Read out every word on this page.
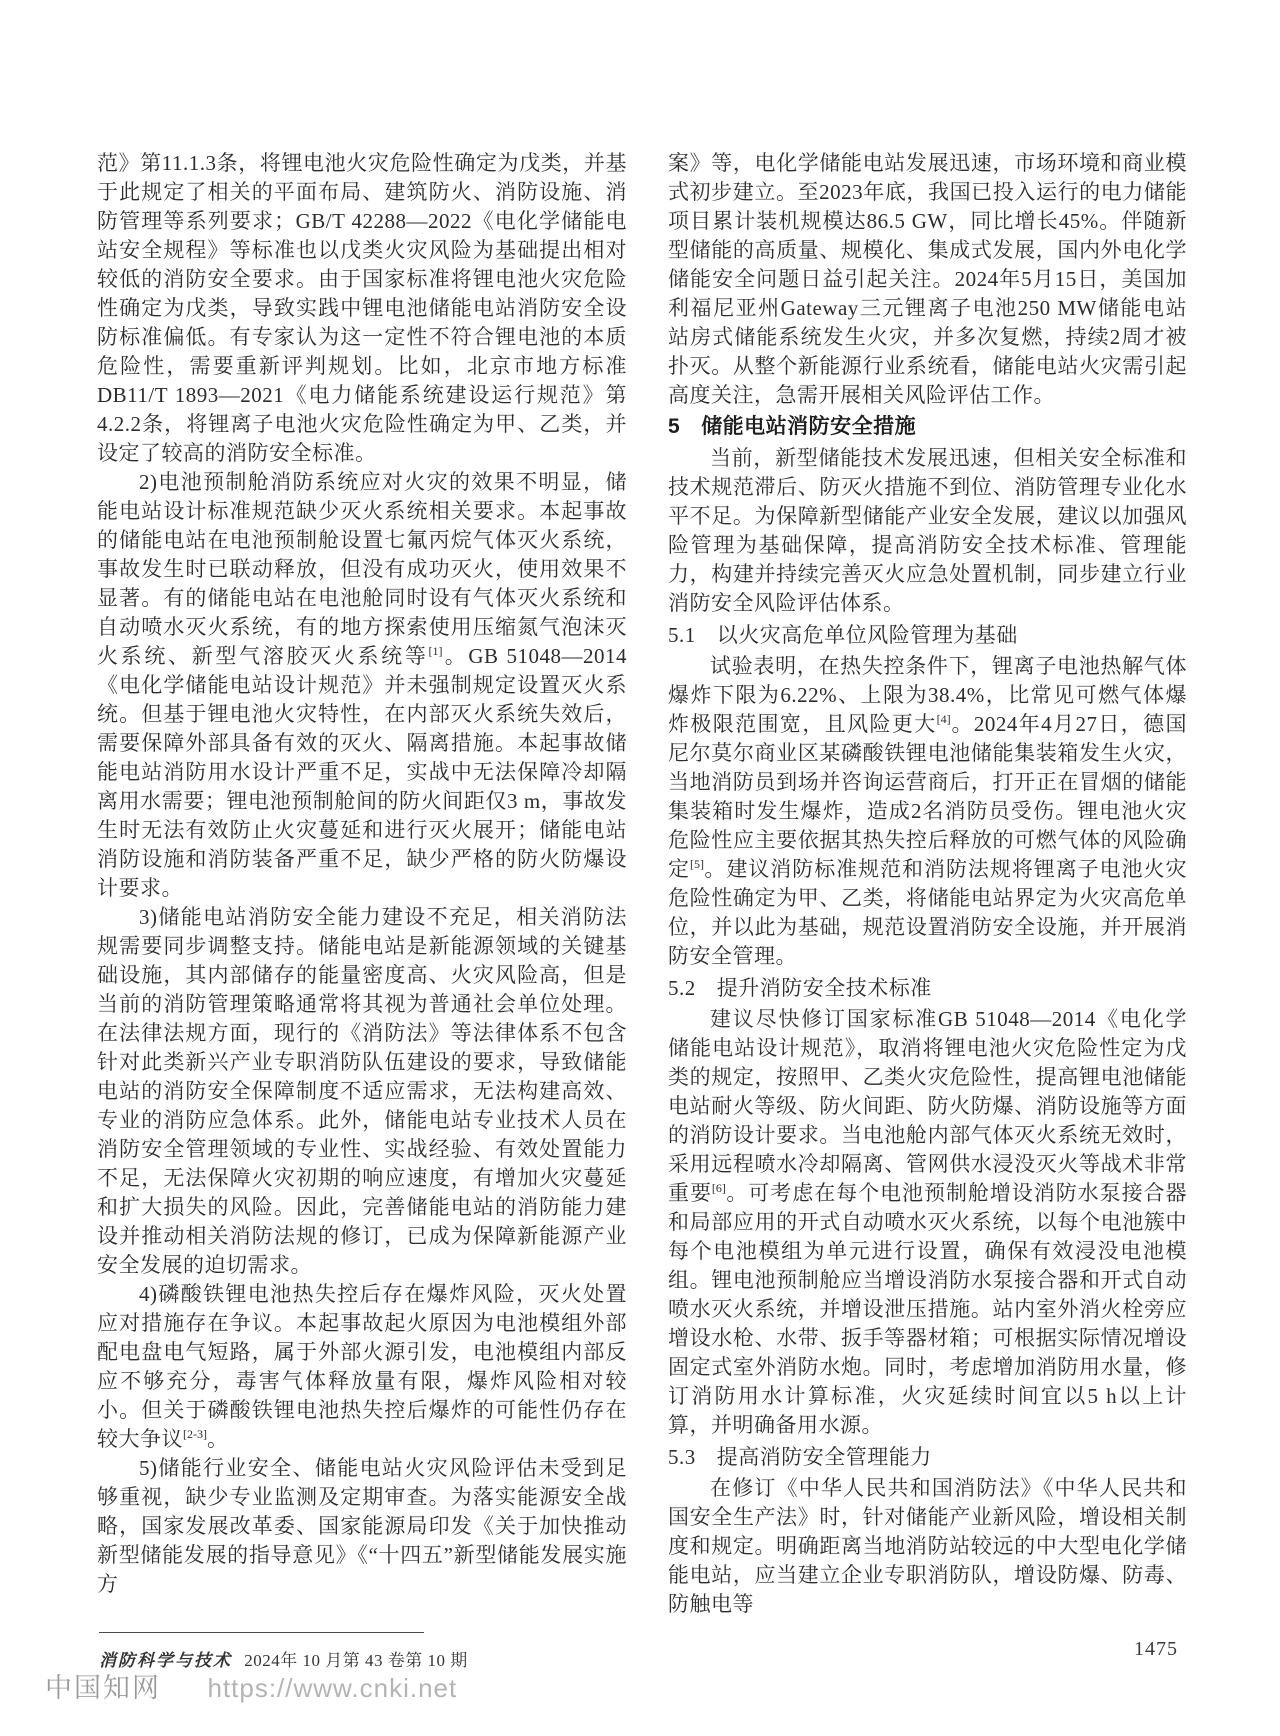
范》第11.1.3条，将锂电池火灾危险性确定为戊类，并基于此规定了相关的平面布局、建筑防火、消防设施、消防管理等系列要求；GB/T 42288—2022《电化学储能电站安全规程》等标准也以戊类火灾风险为基础提出相对较低的消防安全要求。由于国家标准将锂电池火灾危险性确定为戊类，导致实践中锂电池储能电站消防安全设防标准偏低。有专家认为这一定性不符合锂电池的本质危险性，需要重新评判规划。比如，北京市地方标准DB11/T 1893—2021《电力储能系统建设运行规范》第4.2.2条，将锂离子电池火灾危险性确定为甲、乙类，并设定了较高的消防安全标准。

2)电池预制舱消防系统应对火灾的效果不明显，储能电站设计标准规范缺少灭火系统相关要求。本起事故的储能电站在电池预制舱设置七氟丙烷气体灭火系统，事故发生时已联动释放，但没有成功灭火，使用效果不显著。有的储能电站在电池舱同时设有气体灭火系统和自动喷水灭火系统，有的地方探索使用压缩氮气泡沫灭火系统、新型气溶胶灭火系统等[1]。GB 51048—2014《电化学储能电站设计规范》并未强制规定设置灭火系统。但基于锂电池火灾特性，在内部灭火系统失效后，需要保障外部具备有效的灭火、隔离措施。本起事故储能电站消防用水设计严重不足，实战中无法保障冷却隔离用水需要；锂电池预制舱间的防火间距仅3 m，事故发生时无法有效防止火灾蔓延和进行灭火展开；储能电站消防设施和消防装备严重不足，缺少严格的防火防爆设计要求。

3)储能电站消防安全能力建设不充足，相关消防法规需要同步调整支持。储能电站是新能源领域的关键基础设施，其内部储存的能量密度高、火灾风险高，但是当前的消防管理策略通常将其视为普通社会单位处理。在法律法规方面，现行的《消防法》等法律体系不包含针对此类新兴产业专职消防队伍建设的要求，导致储能电站的消防安全保障制度不适应需求，无法构建高效、专业的消防应急体系。此外，储能电站专业技术人员在消防安全管理领域的专业性、实战经验、有效处置能力不足，无法保障火灾初期的响应速度，有增加火灾蔓延和扩大损失的风险。因此，完善储能电站的消防能力建设并推动相关消防法规的修订，已成为保障新能源产业安全发展的迫切需求。

4)磷酸铁锂电池热失控后存在爆炸风险，灭火处置应对措施存在争议。本起事故起火原因为电池模组外部配电盘电气短路，属于外部火源引发，电池模组内部反应不够充分，毒害气体释放量有限，爆炸风险相对较小。但关于磷酸铁锂电池热失控后爆炸的可能性仍存在较大争议[2-3]。

5)储能行业安全、储能电站火灾风险评估未受到足够重视，缺少专业监测及定期审查。为落实能源安全战略，国家发展改革委、国家能源局印发《关于加快推动新型储能发展的指导意见》《“十四五”新型储能发展实施方

案》等，电化学储能电站发展迅速，市场环境和商业模式初步建立。至2023年底，我国已投入运行的电力储能项目累计装机规模达86.5 GW，同比增长45%。伴随新型储能的高质量、规模化、集成式发展，国内外电化学储能安全问题日益引起关注。2024年5月15日，美国加利福尼亚州Gateway三元锂离子电池250 MW储能电站站房式储能系统发生火灾，并多次复燃，持续2周才被扑灭。从整个新能源行业系统看，储能电站火灾需引起高度关注，急需开展相关风险评估工作。

5 储能电站消防安全措施

当前，新型储能技术发展迅速，但相关安全标准和技术规范滞后、防灭火措施不到位、消防管理专业化水平不足。为保障新型储能产业安全发展，建议以加强风险管理为基础保障，提高消防安全技术标准、管理能力，构建并持续完善灭火应急处置机制，同步建立行业消防安全风险评估体系。

5.1 以火灾高危单位风险管理为基础

试验表明，在热失控条件下，锂离子电池热解气体爆炸下限为6.22%、上限为38.4%，比常见可燃气体爆炸极限范围宽，且风险更大[4]。2024年4月27日，德国尼尔莫尔商业区某磷酸铁锂电池储能集装箱发生火灾，当地消防员到场并咨询运营商后，打开正在冒烟的储能集装箱时发生爆炸，造成2名消防员受伤。锂电池火灾危险性应主要依据其热失控后释放的可燃气体的风险确定[5]。建议消防标准规范和消防法规将锂离子电池火灾危险性确定为甲、乙类，将储能电站界定为火灾高危单位，并以此为基础，规范设置消防安全设施，并开展消防安全管理。

5.2 提升消防安全技术标准

建议尽快修订国家标准GB 51048—2014《电化学储能电站设计规范》，取消将锂电池火灾危险性定为戊类的规定，按照甲、乙类火灾危险性，提高锂电池储能电站耐火等级、防火间距、防火防爆、消防设施等方面的消防设计要求。当电池舱内部气体灭火系统无效时，采用远程喷水冷却隔离、管网供水浸没灭火等战术非常重要[6]。可考虑在每个电池预制舱增设消防水泵接合器和局部应用的开式自动喷水灭火系统，以每个电池簇中每个电池模组为单元进行设置，确保有效浸没电池模组。锂电池预制舱应当增设消防水泵接合器和开式自动喷水灭火系统，并增设泄压措施。站内室外消火栓旁应增设水枪、水带、扳手等器材箱；可根据实际情况增设固定式室外消防水炮。同时，考虑增加消防用水量，修订消防用水计算标准，火灾延续时间宜以5 h以上计算，并明确备用水源。

5.3 提高消防安全管理能力

在修订《中华人民共和国消防法》《中华人民共和国安全生产法》时，针对储能产业新风险，增设相关制度和规定。明确距离当地消防站较远的中大型电化学储能电站，应当建立企业专职消防队，增设防爆、防毒、防触电等

消防科学与技术 2024年 10 月第 43 卷第 10 期
1475
中国知网 https://www.cnki.net
